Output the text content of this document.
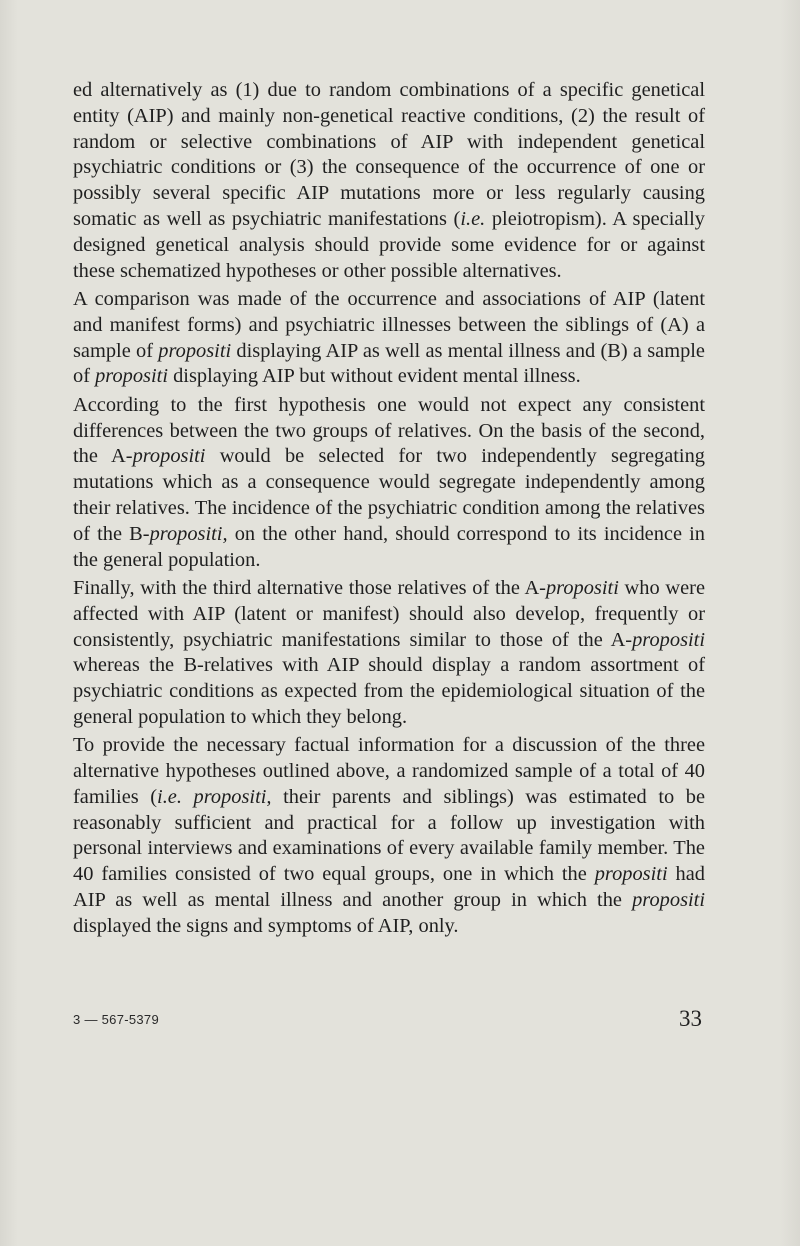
ed alternatively as (1) due to random combinations of a specific genetical entity (AIP) and mainly non-genetical reactive conditions, (2) the result of random or selective combinations of AIP with independent genetical psychiatric conditions or (3) the consequence of the occurrence of one or possibly several specific AIP mutations more or less regularly causing somatic as well as psychiatric manifestations (i.e. pleiotropism). A specially designed genetical analysis should provide some evidence for or against these schematized hypotheses or other possible alternatives.

A comparison was made of the occurrence and associations of AIP (latent and manifest forms) and psychiatric illnesses between the siblings of (A) a sample of propositi displaying AIP as well as mental illness and (B) a sample of propositi displaying AIP but without evident mental illness.

According to the first hypothesis one would not expect any consistent differences between the two groups of relatives. On the basis of the second, the A-propositi would be selected for two independently segregating mutations which as a consequence would segregate independently among their relatives. The incidence of the psychiatric condition among the relatives of the B-propositi, on the other hand, should correspond to its incidence in the general population.

Finally, with the third alternative those relatives of the A-propositi who were affected with AIP (latent or manifest) should also develop, frequently or consistently, psychiatric manifestations similar to those of the A-propositi whereas the B-relatives with AIP should display a random assortment of psychiatric conditions as expected from the epidemiological situation of the general population to which they belong.

To provide the necessary factual information for a discussion of the three alternative hypotheses outlined above, a randomized sample of a total of 40 families (i.e. propositi, their parents and siblings) was estimated to be reasonably sufficient and practical for a follow up investigation with personal interviews and examinations of every available family member. The 40 families consisted of two equal groups, one in which the propositi had AIP as well as mental illness and another group in which the propositi displayed the signs and symptoms of AIP, only.

3 — 567-5379	33
